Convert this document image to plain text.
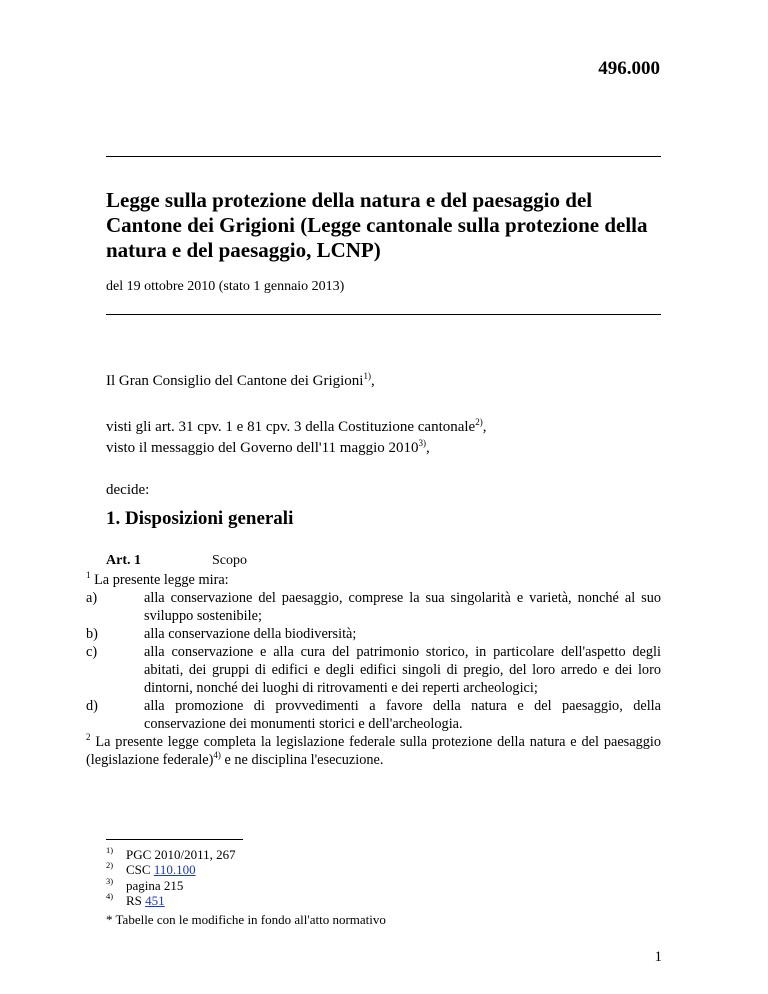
496.000
Legge sulla protezione della natura e del paesaggio del Cantone dei Grigioni (Legge cantonale sulla protezione della natura e del paesaggio, LCNP)
del 19 ottobre 2010 (stato 1 gennaio 2013)
Il Gran Consiglio del Cantone dei Grigioni$^{1)}$,
visti gli art. 31 cpv. 1 e 81 cpv. 3 della Costituzione cantonale$^{2)}$,
visto il messaggio del Governo dell'11 maggio 2010$^{3)}$,
decide:
1. Disposizioni generali
Art. 1	Scopo
$^1$ La presente legge mira:
a)	alla conservazione del paesaggio, comprese la sua singolarità e varietà, nonché al suo sviluppo sostenibile;
b)	alla conservazione della biodiversità;
c)	alla conservazione e alla cura del patrimonio storico, in particolare dell'aspetto degli abitati, dei gruppi di edifici e degli edifici singoli di pregio, del loro arredo e dei loro dintorni, nonché dei luoghi di ritrovamenti e dei reperti archeologici;
d)	alla promozione di provvedimenti a favore della natura e del paesaggio, della conservazione dei monumenti storici e dell'archeologia.
$^2$ La presente legge completa la legislazione federale sulla protezione della natura e del paesaggio (legislazione federale)$^{4)}$ e ne disciplina l'esecuzione.
1) PGC 2010/2011, 267
2) CSC 110.100
3) pagina 215
4) RS 451
* Tabelle con le modifiche in fondo all'atto normativo
1
